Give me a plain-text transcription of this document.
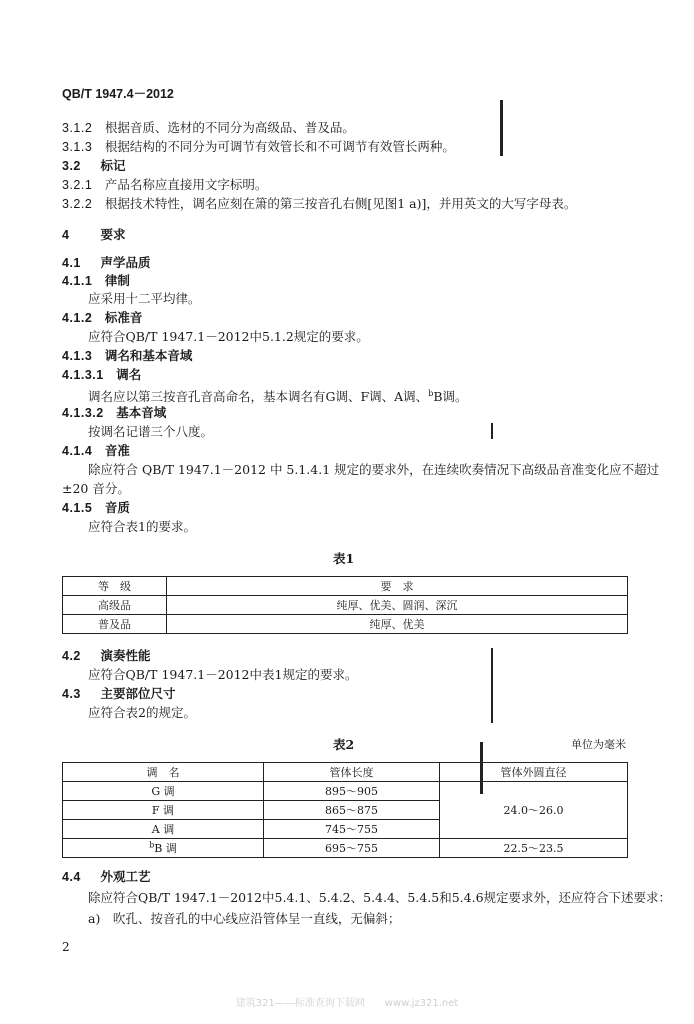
QB/T 1947.4－2012
3.1.2　 根据音质、选材的不同分为高级品、普及品。
3.1.3　 根据结构的不同分为可调节有效管长和不可调节有效管长两种。
3.2　 标记
3.2.1　 产品名称应直接用文字标明。
3.2.2　 根据技术特性，调名应刻在箫的第三按音孔右侧[见图1 a)]，并用英文的大写字母表。
4　 要求
4.1　 声学品质
4.1.1　 律制
应采用十二平均律。
4.1.2　 标准音
应符合QB/T 1947.1－2012中5.1.2规定的要求。
4.1.3　 调名和基本音域
4.1.3.1　 调名
调名应以第三按音孔音高命名，基本调名有G调、F调、A调、$^b$B调。
4.1.3.2　 基本音域
按调名记谱三个八度。
4.1.4　 音准
除应符合 QB/T 1947.1－2012 中 5.1.4.1 规定的要求外，在连续吹奏情况下高级品音准变化应不超过
±20 音分。
4.1.5　 音质
应符合表1的要求。
表1
等　级	要　求
高级品	纯厚、优美、圆润、深沉
普及品	纯厚、优美
4.2　 演奏性能
应符合QB/T 1947.1－2012中表1规定的要求。
4.3　 主要部位尺寸
应符合表2的规定。
表2	单位为毫米
调　名	管体长度	管体外圆直径
G 调	895～905	24.0～26.0
F 调	865～875	
A 调	745～755	
$^b$B 调	695～755	22.5～23.5
4.4　 外观工艺
除应符合QB/T 1947.1－2012中5.4.1、5.4.2、5.4.4、5.4.5和5.4.6规定要求外，还应符合下述要求：
a)　吹孔、按音孔的中心线应沿管体呈一直线，无偏斜；
2
建筑321——标准查询下载网　　www.jz321.net
